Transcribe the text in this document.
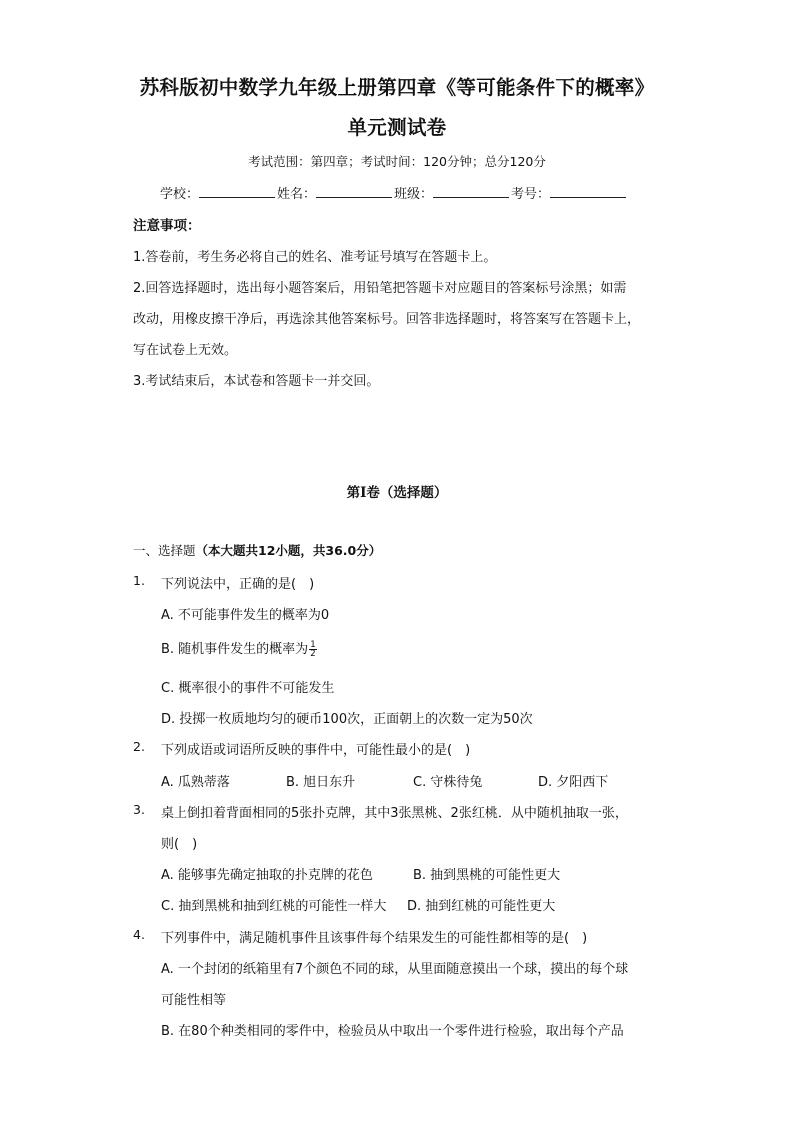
苏科版初中数学九年级上册第四章《等可能条件下的概率》
单元测试卷
考试范围：第四章；考试时间：120分钟；总分120分
学校：	姓名：	班级：	考号：
注意事项：
1.答卷前，考生务必将自己的姓名、准考证号填写在答题卡上。
2.回答选择题时，选出每小题答案后，用铅笔把答题卡对应题目的答案标号涂黑；如需
改动，用橡皮擦干净后，再选涂其他答案标号。回答非选择题时，将答案写在答题卡上，
写在试卷上无效。
3.考试结束后，本试卷和答题卡一并交回。
第I卷（选择题）
一、选择题（本大题共12小题，共36.0分）
1. 下列说法中，正确的是(　)
A. 不可能事件发生的概率为0
B. 随机事件发生的概率为 $\frac{1}{2}$
C. 概率很小的事件不可能发生
D. 投掷一枚质地均匀的硬币100次，正面朝上的次数一定为50次
2. 下列成语或词语所反映的事件中，可能性最小的是(　)
A. 瓜熟蒂落	B. 旭日东升	C. 守株待兔	D. 夕阳西下
3. 桌上倒扣着背面相同的5张扑克牌，其中3张黑桃、2张红桃．从中随机抽取一张，
则(　)
A. 能够事先确定抽取的扑克牌的花色	B. 抽到黑桃的可能性更大
C. 抽到黑桃和抽到红桃的可能性一样大 D. 抽到红桃的可能性更大
4. 下列事件中，满足随机事件且该事件每个结果发生的可能性都相等的是(　)
A. 一个封闭的纸箱里有7个颜色不同的球，从里面随意摸出一个球，摸出的每个球
可能性相等
B. 在80个种类相同的零件中，检验员从中取出一个零件进行检验，取出每个产品
